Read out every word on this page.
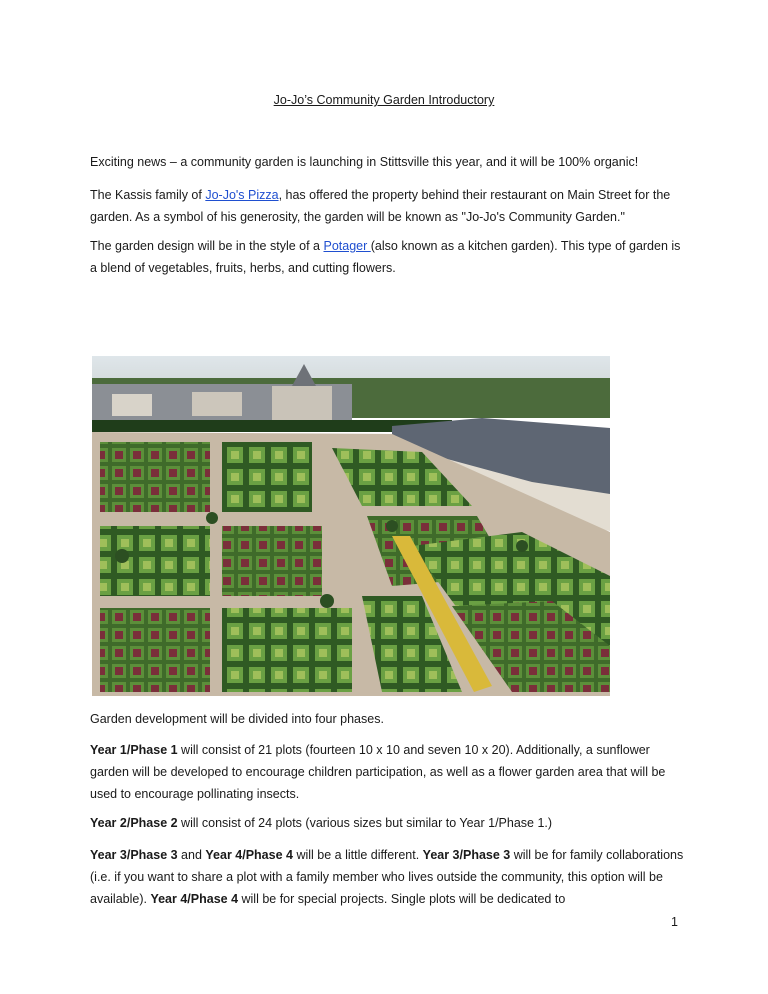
Jo-Jo’s Community Garden Introductory

Exciting news – a community garden is launching in Stittsville this year, and it will be 100% organic!

The Kassis family of Jo-Jo's Pizza, has offered the property behind their restaurant on Main Street for the garden. As a symbol of his generosity, the garden will be known as "Jo-Jo's Community Garden."

The garden design will be in the style of a Potager (also known as a kitchen garden). This type of garden is a blend of vegetables, fruits, herbs, and cutting flowers.

Garden development will be divided into four phases.

Year 1/Phase 1 will consist of 21 plots (fourteen 10 x 10 and seven 10 x 20). Additionally, a sunflower garden will be developed to encourage children participation, as well as a flower garden area that will be used to encourage pollinating insects.

Year 2/Phase 2 will consist of 24 plots (various sizes but similar to Year 1/Phase 1.)

Year 3/Phase 3 and Year 4/Phase 4 will be a little different. Year 3/Phase 3 will be for family collaborations (i.e. if you want to share a plot with a family member who lives outside the community, this option will be available). Year 4/Phase 4 will be for special projects. Single plots will be dedicated to

1
